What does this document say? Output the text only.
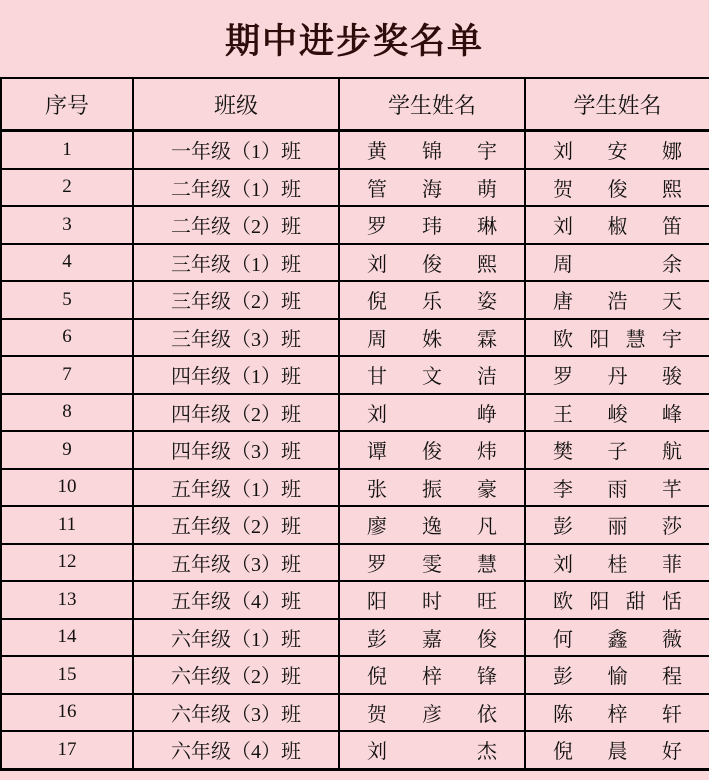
期中进步奖名单
序号	班级	学生姓名	学生姓名
1	一年级（1）班	黄 锦 宇	刘 安 娜

2	二年级（1）班	管 海 萌	贺 俊 熙

3	二年级（2）班	罗 玮 琳	刘 椒 笛

4	三年级（1）班	刘 俊 熙	周 余

5	三年级（2）班	倪 乐 姿	唐 浩 天

6	三年级（3）班	周 姝 霖	欧 阳 慧 宇

7	四年级（1）班	甘 文 洁	罗 丹 骏

8	四年级（2）班	刘 峥	王 峻 峰

9	四年级（3）班	谭 俊 炜	樊 子 航

10	五年级（1）班	张 振 豪	李 雨 芊

11	五年级（2）班	廖 逸 凡	彭 丽 莎

12	五年级（3）班	罗 雯 慧	刘 桂 菲

13	五年级（4）班	阳 时 旺	欧 阳 甜 恬

14	六年级（1）班	彭 嘉 俊	何 鑫 薇

15	六年级（2）班	倪 梓 锋	彭 愉 程

16	六年级（3）班	贺 彦 依	陈 梓 轩

17	六年级（4）班	刘 杰	倪 晨 好
